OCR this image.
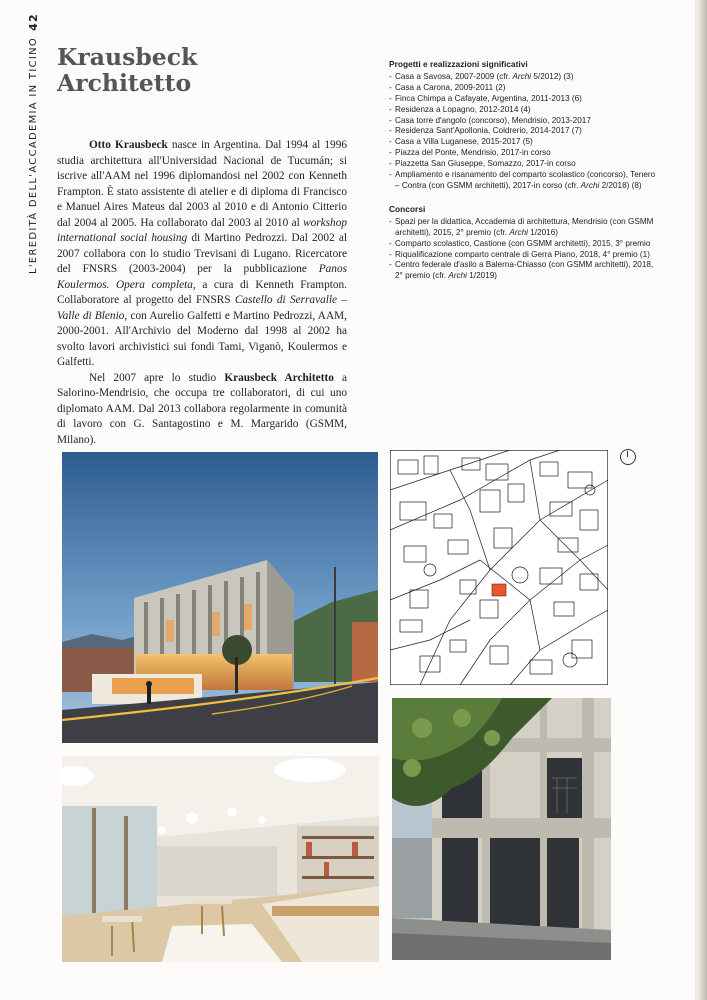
L'EREDITÀ DELL'ACCADEMIA IN TICINO
42
Krausbeck
Architetto

Otto Krausbeck nasce in Argentina. Dal 1994 al 1996 studia architettura all'Universidad Nacional de Tucumán; si iscrive all'AAM nel 1996 diplomandosi nel 2002 con Kenneth Frampton. È stato assistente di atelier e di diploma di Francisco e Manuel Aires Mateus dal 2003 al 2010 e di Antonio Citterio dal 2004 al 2005. Ha collaborato dal 2003 al 2010 al workshop international social housing di Martino Pedrozzi. Dal 2002 al 2007 collabora con lo studio Trevisani di Lugano. Ricercatore del FNSRS (2003-2004) per la pubblicazione Panos Koulermos. Opera completa, a cura di Kenneth Frampton. Collaboratore al progetto del FNSRS Castello di Serravalle – Valle di Blenio, con Aurelio Galfetti e Martino Pedrozzi, AAM, 2000-2001. All'Archivio del Moderno dal 1998 al 2002 ha svolto lavori archivistici sui fondi Tami, Viganò, Koulermos e Galfetti.

Nel 2007 apre lo studio Krausbeck Architetto a Salorino-Mendrisio, che occupa tre collaboratori, di cui uno diplomato AAM. Dal 2013 collabora regolarmente in comunità di lavoro con G. Santagostino e M. Margarido (GSMM, Milano).

Progetti e realizzazioni significativi
- Casa a Savosa, 2007-2009 (cfr. Archi 5/2012) (3)
- Casa a Carona, 2009-2011 (2)
- Finca Chimpa a Cafayate, Argentina, 2011-2013 (6)
- Residenza a Lopagno, 2012-2014 (4)
- Casa torre d'angolo (concorso), Mendrisio, 2013-2017
- Residenza Sant'Apollonia, Coldrerio, 2014-2017 (7)
- Casa a Villa Luganese, 2015-2017 (5)
- Piazza del Ponte, Mendrisio, 2017-in corso
- Piazzetta San Giuseppe, Somazzo, 2017-in corso
- Ampliamento e risanamento del comparto scolastico (concorso), Tenero – Contra (con GSMM architetti), 2017-in corso (cfr. Archi 2/2018) (8)
Concorsi
- Spazi per la didattica, Accademia di architettura, Mendrisio (con GSMM architetti), 2015, 2° premio (cfr. Archi 1/2016)
- Comparto scolastico, Castione (con GSMM architetti), 2015, 3° premio
- Riqualificazione comparto centrale di Gerra Piano, 2018, 4° premio (1)
- Centro federale d'asilo a Balerna-Chiasso (con GSMM architetti), 2018, 2° premio (cfr. Archi 1/2019)
